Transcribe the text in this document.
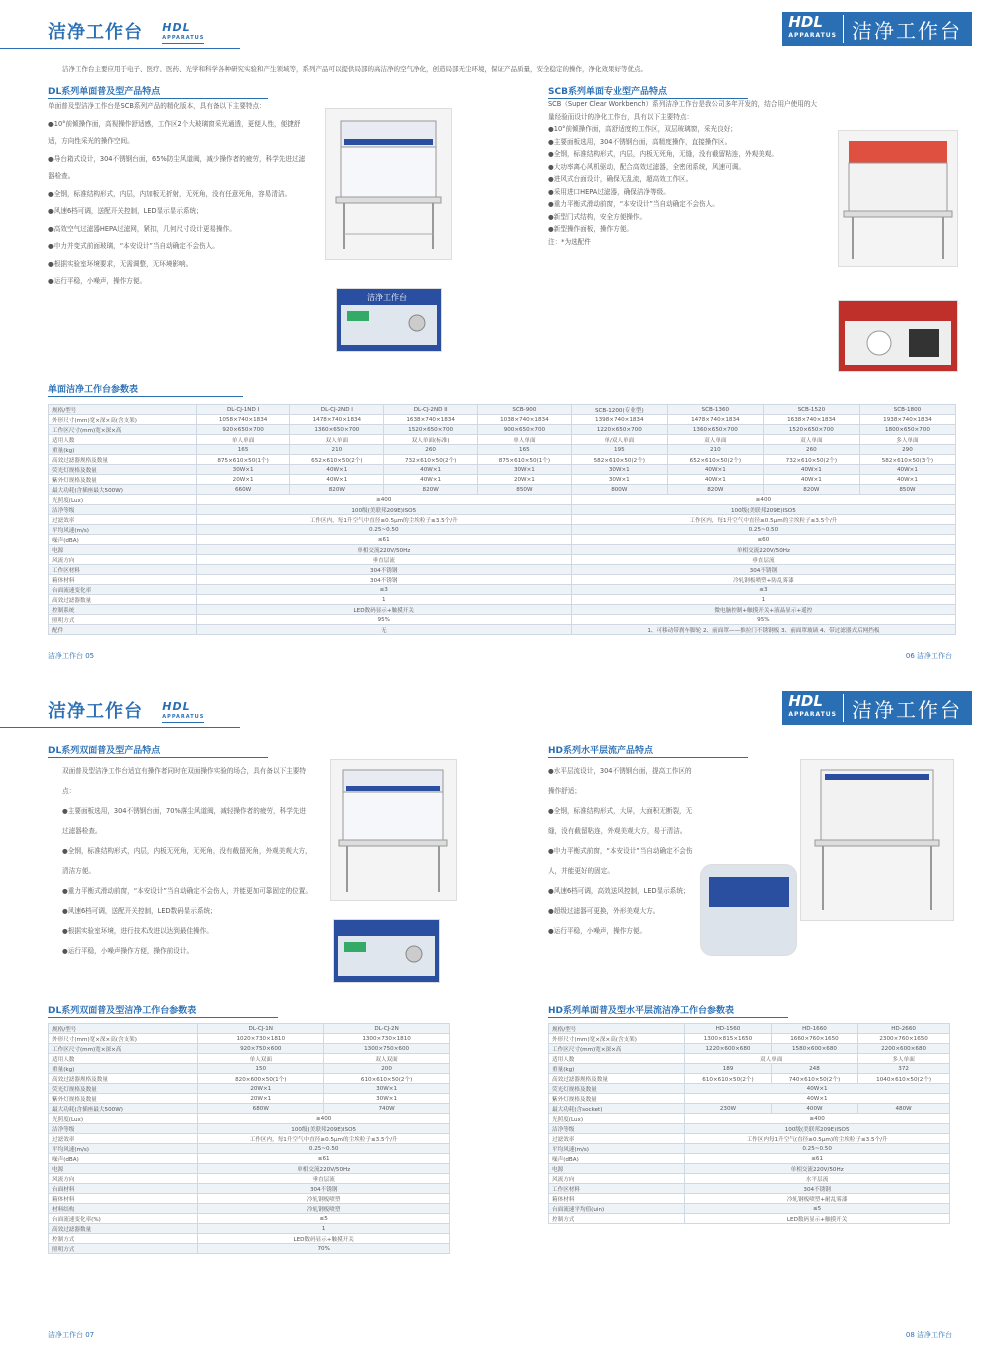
洁净工作台 HDL
APPARATUS
HDL
APPARATUS 洁净工作台
洁净工作台主要应用于电子、医疗、医药、光学和科学各种研究实验和产生领域等，系列产品可以提供局部的高洁净的空气净化，创造局部无尘环境，保证产品质量，安全稳定的操作，净化效果好等优点。
DL系列单面普及型产品特点

单面普及型洁净工作台是SCB系列产品的精化版本，具有备以下主要特点：

●10°前倾操作面，高视操作舒适感，工作区2个大玻璃窗采光通透，更便人性，便捷舒适，方向性采光的操作空间。

●导台箱式设计，304不锈钢台面，65%防尘风道阀，减少操作者的疲劳，科学先进过滤器检查。

●全钢，标准结构形式，内层，内加板无折射，无死角，没有任意死角，容易清洁。

●风速6档可调，送配开关控制，LED显示显示系统；

●高效空气过滤器HEPA过滤网，紧扣，几何尺寸设计更易操作。

●申力并变式前面玻璃，“本安设计”当自动确定不会伤人。

●根据实验室环境要求，无需调整，无环境影响。

●运行平稳，小噪声，操作方便。

洁净工作台
SCB系列单面专业型产品特点

SCB（Super Clear Workbench）系列洁净工作台是我公司多年开发的，结合用户使用的大量经验而设计的净化工作台，具有以下主要特点：

●10°前倾操作面，高舒适度的工作区，双层玻璃窗，采光良好；

●主要面板选用，304不锈钢台面，高精度操作，直接操作区。

●全钢，标准结构形式，内层，内板无死角，无缝，没有截留粘连，外观美观。

●大功率离心风机驱动，配合高效过滤器，全密闭系统，风速可调。

●进风式台面设计，确保无乱流，超高效工作区。

●采用进口HEPA过滤器，确保洁净等级。

●重力平衡式滑动前窗，“本安设计”当自动确定不会伤人。

●新型门式结构，安全方便操作。

●新型操作面板，操作方便。

注：*为选配件

单面洁净工作台参数表
规格/型号	DL-CJ-1ND I	DL-CJ-2ND I	DL-CJ-2ND II	SCB-900	SCB-1200(专业型)	SCB-1360	SCB-1520	SCB-1800
外形尺寸(mm)宽×深×高(含支架)	1058×740×1834	1478×740×1834	1638×740×1834	1038×740×1834	1398×740×1834	1478×740×1834	1638×740×1834	1938×740×1834
工作区尺寸(mm)宽×深×高	920×650×700	1360×650×700	1520×650×700	900×650×700	1220×650×700	1360×650×700	1520×650×700	1800×650×700
适用人数	单人单面	双人单面	双人单面(标准)	单人单面	单/双人单面	双人单面	双人单面	多人单面
重量(kg)	165	210	260	165	195	210	260	290
高效过滤器规格及数量	875×610×50(1个)	652×610×50(2个)	732×610×50(2个)	875×610×50(1个)	582×610×50(2个)	652×610×50(2个)	732×610×50(2个)	582×610×50(3个)
荧光灯规格及数量	30W×1	40W×1	40W×1	30W×1	30W×1	40W×1	40W×1	40W×1
紫外灯规格及数量	20W×1	40W×1	40W×1	20W×1	30W×1	40W×1	40W×1	40W×1
最大功耗(含插座最大500W)	660W	820W	820W	850W	800W	820W	820W	850W
光照度(Lux)	≥400				≥400			
洁净等级	100级(美联邦209E)ISO5				100级(美联邦209E)ISO5			
过滤效率	工作区内，每1升空气中直径≥0.5μm的尘埃粒子≤3.5个/升				工作区内，每1升空气中直径≥0.5μm的尘埃粒子≤3.5个/升			
平均风速(m/s)	0.25~0.50				0.25~0.50			
噪声(dBA)	≤61				≤60			
电源	单相交流220V/50Hz				单相交流220V/50Hz			
风流方向	垂直层流				垂直层流			
工作区材料	304不锈钢				304不锈钢			
箱体材料	304不锈钢				冷轧钢板喷塑+防乱雾漆			
台面流速变化率	≤3				≤3			
高效过滤器数量	1				1			
控制系统	LED数码显示+触摸开关				微电脑控制+触摸开关+液晶显示+遥控			
照明方式	95%				95%			
配件	无				1、可移动带刹车脚轮 2、前面罩——推拉门不锈钢板 3、前面罩玻璃 4、带过滤器式后网挡板			
洁净工作台 05	06 洁净工作台
洁净工作台 HDL
APPARATUS
HDL
APPARATUS 洁净工作台
DL系列双面普及型产品特点

双面普及型洁净工作台适宜有操作者同时在双面操作实验的场合，具有备以下主要特点：

●主要面板选用，304不锈钢台面，70%落尘风道阀，减轻操作者的疲劳，科学先进过滤器检查。

●全钢，标准结构形式，内层，内板无死角，无死角，没有截留死角，外观美观大方，清洁方便。

●重力平衡式滑动前窗，“本安设计”当自动确定不会伤人，并能更加可靠固定的位置。

●风速6档可调，送配开关控制，LED数码显示系统；

●根据实验室环境，进行技术改进以达到最佳操作。

●运行平稳，小噪声操作方便，操作前设计。

HD系列水平层流产品特点

●水平层流设计，304不锈钢台面，提高工作区的操作舒适；

●全钢，标准结构形式，大屏，大面积无断裂，无缝，没有截留粘连，外观美观大方，易于清洁。

●申力平衡式前窗，“本安设计”当自动确定不会伤人，并能更好的固定。

●风速6档可调，高效送风控制，LED显示系统；

●超级过滤器可更换，外形美观大方。

●运行平稳，小噪声，操作方便。

DL系列双面普及型洁净工作台参数表
规格/型号	DL-CJ-1N	DL-CJ-2N
外形尺寸(mm)宽×深×高(含支架)	1020×730×1810	1300×730×1810
工作区尺寸(mm)宽×深×高	920×750×600	1300×750×600
适用人数	单人双面	双人双面
重量(kg)	150	200
高效过滤器规格及数量	820×600×50(1个)	610×610×50(2个)
荧光灯规格及数量	20W×1	30W×1
紫外灯规格及数量	20W×1	30W×1
最大功耗(含插座最大500W)	680W	740W
光照度(Lux)	≥400	
洁净等级	100级(美联邦209E)ISO5	
过滤效率	工作区内，每1升空气中直径≥0.5μm的尘埃粒子≤3.5个/升	
平均风速(m/s)	0.25~0.50	
噪声(dBA)	≤61	
电源	单相交流220V/50Hz	
风流方向	垂直层流	
台面材料	304不锈钢	
箱体材料	冷轧钢板喷塑	
材料结构	冷轧钢板喷塑	
台面流速变化率(%)	≤5	
高效过滤器数量	1	
控制方式	LED数码显示+触摸开关	
照明方式	70%	
HD系列单面普及型水平层流洁净工作台参数表
规格/型号	HD-1560	HD-1660	HD-2660
外形尺寸(mm)宽×深×高(含支架)	1300×815×1650	1660×760×1650	2300×760×1650
工作区尺寸(mm)宽×深×高	1220×600×680	1580×600×680	2200×600×680
适用人数	双人单面		多人单面
重量(kg)	189	248	372
高效过滤器规格及数量	610×610×50(2个)	740×610×50(2个)	1040×610×50(2个)
荧光灯规格及数量	40W×1		
紫外灯规格及数量	40W×1		
最大功耗(含socket)	230W	400W	480W
光照度(Lux)	≥400		
洁净等级	100级(美联邦209E)ISO5		
过滤效率	工作区内每1升空气(直径≥0.5μm)的尘埃粒子≤3.5个/升		
平均风速(m/s)	0.25~0.50		
噪声(dBA)	≤61		
电源	单相交流220V/50Hz		
风流方向	水平层流		
工作区材料	304不锈钢		
箱体材料	冷轧钢板喷塑+耐乱雾漆		
台面流速平均值(uin)	≤5		
控制方式	LED数码显示+触摸开关		
洁净工作台 07	08 洁净工作台
